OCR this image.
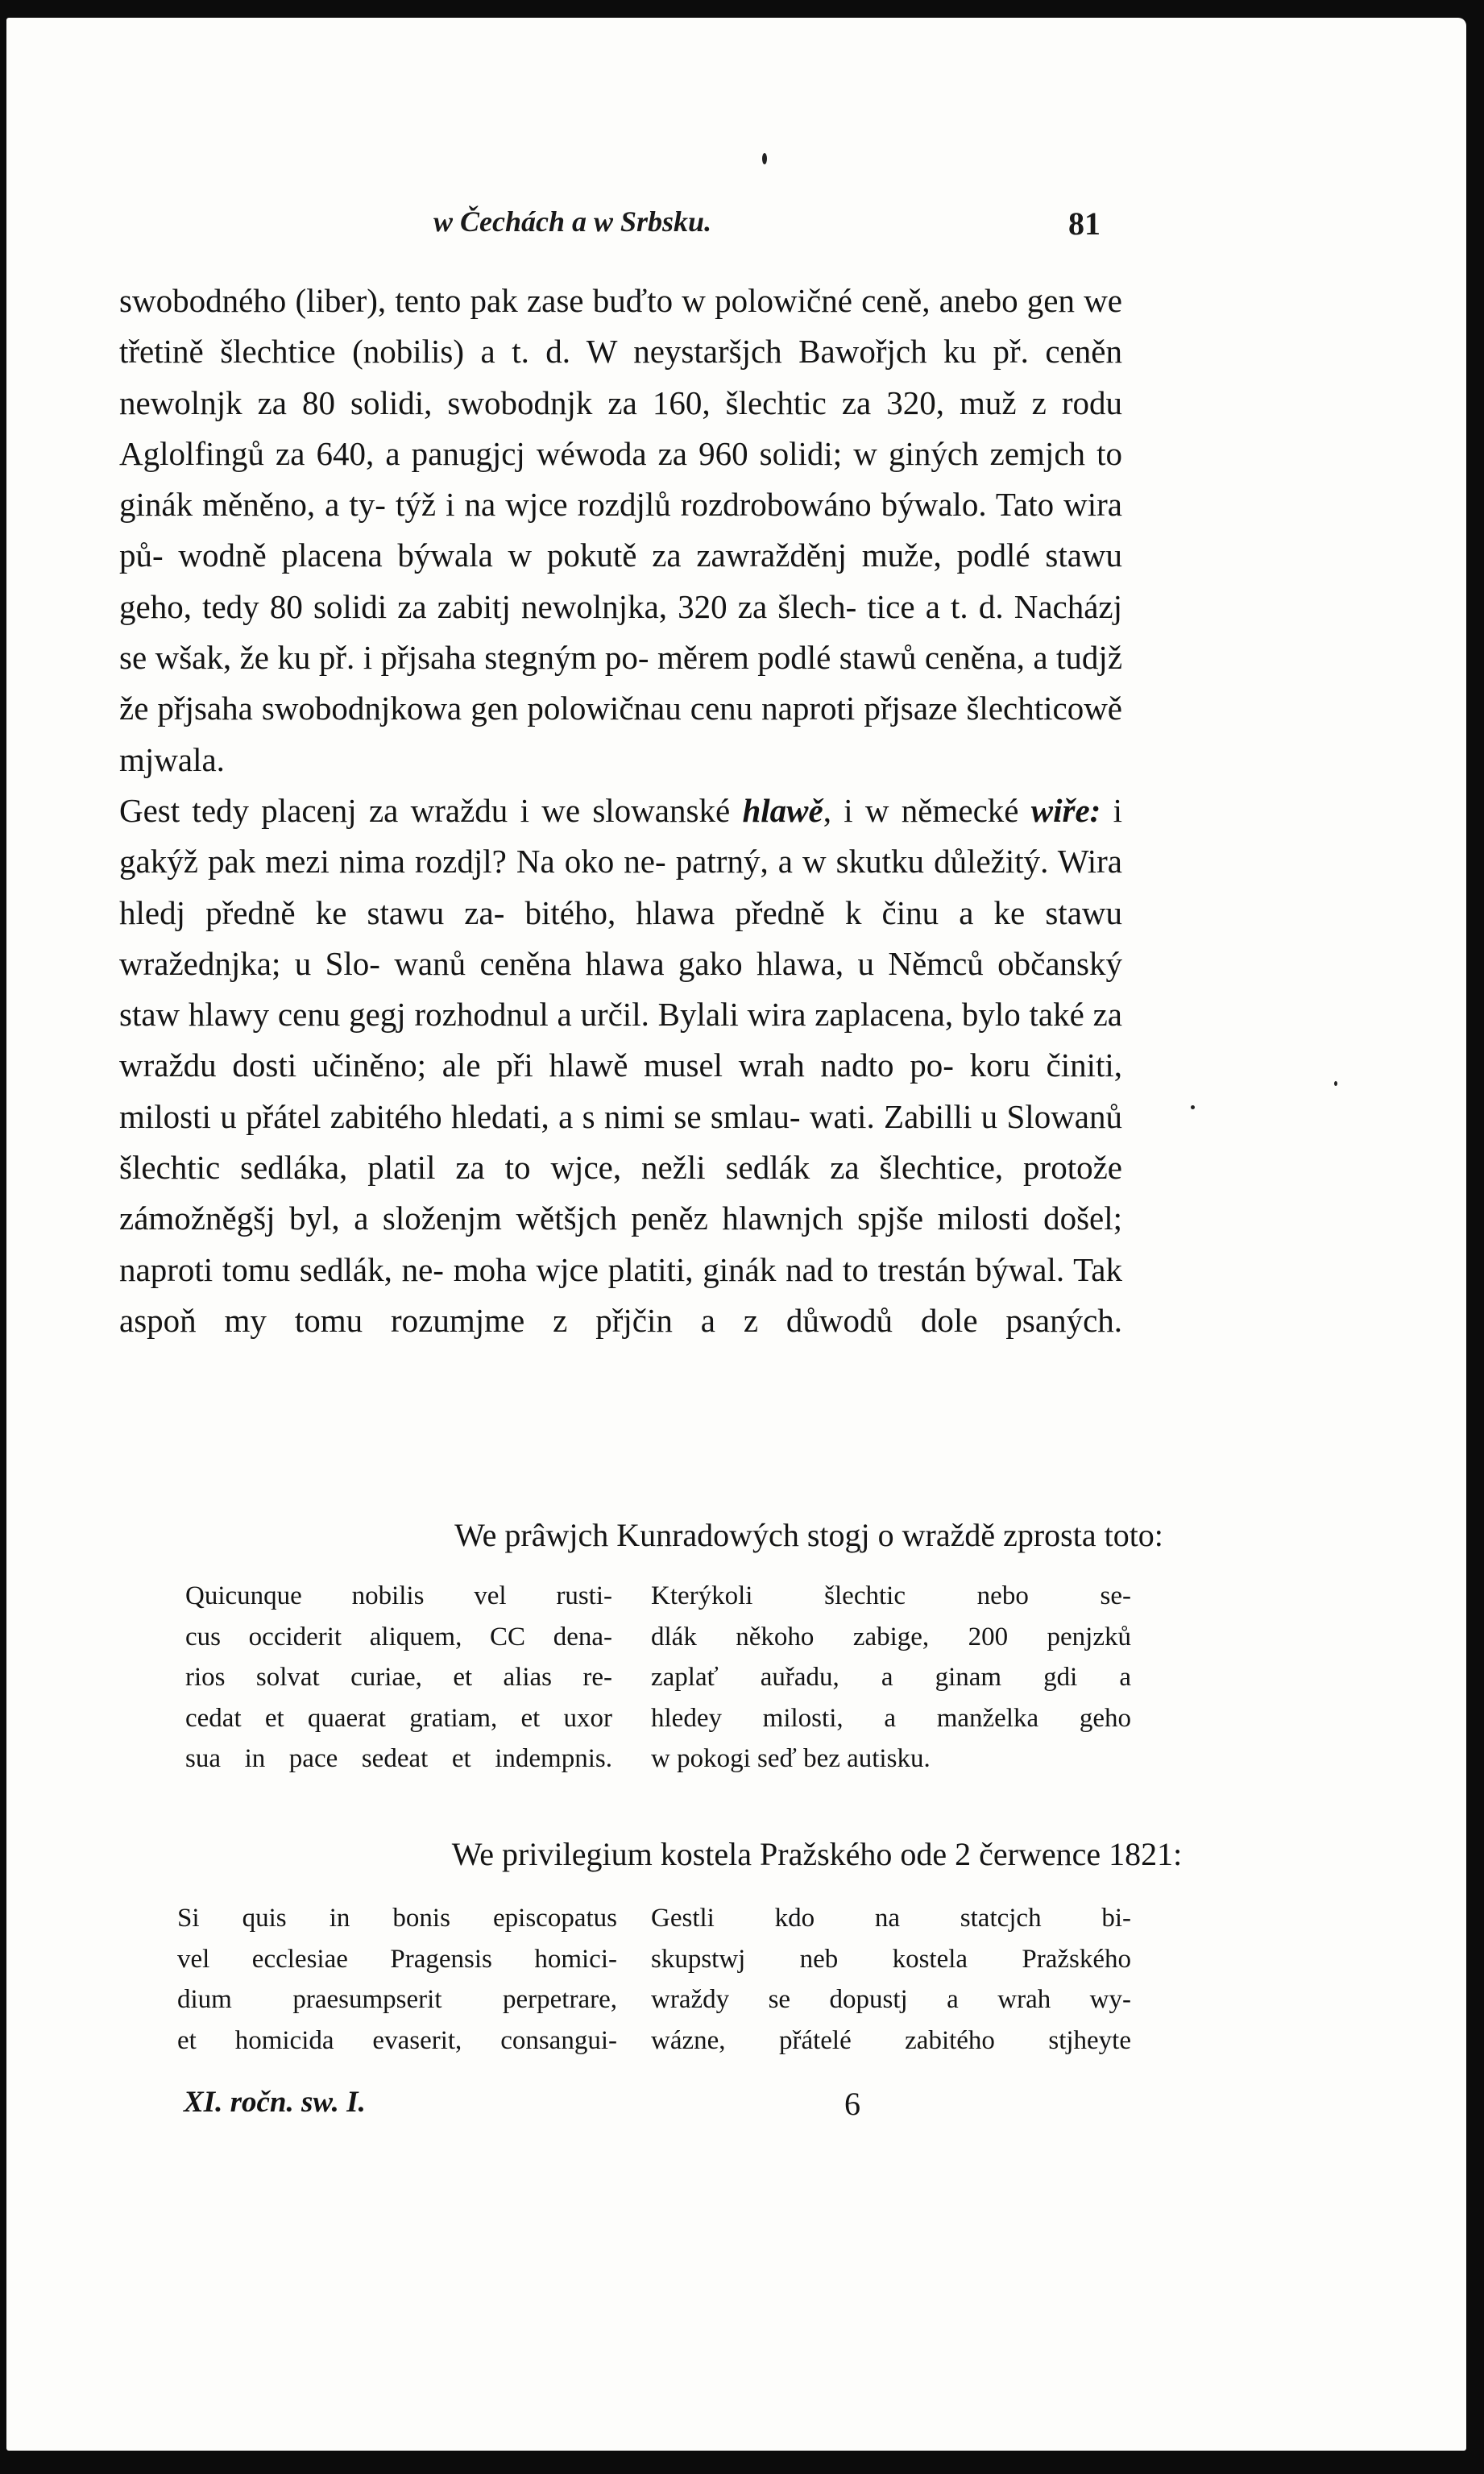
w Čechách a w Srbsku.	81

swobodného (liber), tento pak zase buďto w polowičné ceně, anebo gen we třetině šlechtice (nobilis) a t. d. W neystaršjch Bawořjch ku př. ceněn newolnjk za 80 solidi, swobodnjk za 160, šlechtic za 320, muž z rodu Aglolfingů za 640, a panugjcj wéwoda za 960 solidi; w giných zemjch to ginák měněno, a ty- týž i na wjce rozdjlů rozdrobowáno býwalo. Tato wira pů- wodně placena býwala w pokutě za zawražděnj muže, podlé stawu geho, tedy 80 solidi za zabitj newolnjka, 320 za šlech- tice a t. d. Nacházj se wšak, že ku př. i přjsaha stegným po- měrem podlé stawů ceněna, a tudjž že přjsaha swobodnjkowa gen polowičnau cenu naproti přjsaze šlechticowě mjwala.

Gest tedy placenj za wraždu i we slowanské hlawě, i w německé wiře: i gakýž pak mezi nima rozdjl? Na oko ne- patrný, a w skutku důležitý. Wira hledj předně ke stawu za- bitého, hlawa předně k činu a ke stawu wražednjka; u Slo- wanů ceněna hlawa gako hlawa, u Němců občanský staw hlawy cenu gegj rozhodnul a určil. Bylali wira zaplacena, bylo také za wraždu dosti učiněno; ale při hlawě musel wrah nadto po- koru činiti, milosti u přátel zabitého hledati, a s nimi se smlau- wati. Zabilli u Slowanů šlechtic sedláka, platil za to wjce, nežli sedlák za šlechtice, protože zámožněgšj byl, a složenjm wětšjch peněz hlawnjch spjše milosti došel; naproti tomu sedlák, ne- moha wjce platiti, ginák nad to trestán býwal. Tak aspoň my tomu rozumjme z přjčin a z důwodů dole psaných.

We prâwjch Kunradowých stogj o wraždě zprosta toto:
Quicunque nobilis vel rusti-
cus occiderit aliquem, CC dena-
rios solvat curiae, et alias re-
cedat et quaerat gratiam, et uxor
sua in pace sedeat et indempnis.
Kterýkoli šlechtic nebo se-
dlák někoho zabige, 200 penjzků
zaplať auřadu, a ginam gdi a
hledey milosti, a manželka geho
w pokogi seď bez autisku.
We privilegium kostela Pražského ode 2 čerwence 1821:
Si quis in bonis episcopatus
vel ecclesiae Pragensis homici-
dium praesumpserit perpetrare,
et homicida evaserit, consangui-
Gestli kdo na statcjch bi-
skupstwj neb kostela Pražského
wraždy se dopustj a wrah wy-
wázne, přátelé zabitého stjheyte
XI. ročn. sw. I.	6
